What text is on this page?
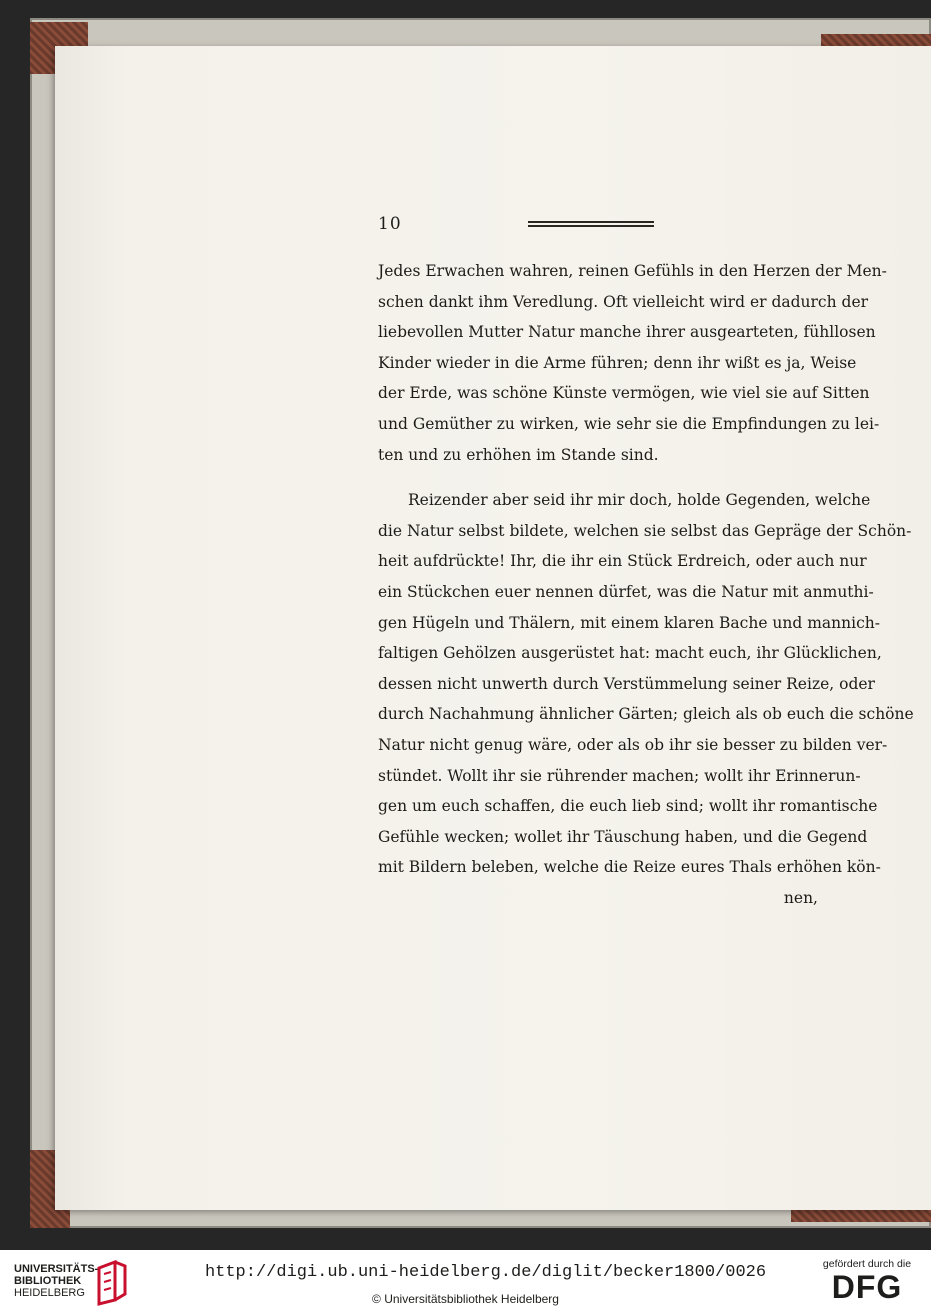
10
Jedes Erwachen wahren, reinen Gefühls in den Herzen der Men-
schen dankt ihm Veredlung. Oft vielleicht wird er dadurch der
liebevollen Mutter Natur manche ihrer ausgearteten, fühllosen
Kinder wieder in die Arme führen; denn ihr wißt es ja, Weise
der Erde, was schöne Künste vermögen, wie viel sie auf Sitten
und Gemüther zu wirken, wie sehr sie die Empfindungen zu lei-
ten und zu erhöhen im Stande sind.
Reizender aber seid ihr mir doch, holde Gegenden, welche
die Natur selbst bildete, welchen sie selbst das Gepräge der Schön-
heit aufdrückte! Ihr, die ihr ein Stück Erdreich, oder auch nur
ein Stückchen euer nennen dürfet, was die Natur mit anmuthi-
gen Hügeln und Thälern, mit einem klaren Bache und mannich-
faltigen Gehölzen ausgerüstet hat: macht euch, ihr Glücklichen,
dessen nicht unwerth durch Verstümmelung seiner Reize, oder
durch Nachahmung ähnlicher Gärten; gleich als ob euch die schöne
Natur nicht genug wäre, oder als ob ihr sie besser zu bilden ver-
stündet. Wollt ihr sie rührender machen; wollt ihr Erinnerun-
gen um euch schaffen, die euch lieb sind; wollt ihr romantische
Gefühle wecken; wollet ihr Täuschung haben, und die Gegend
mit Bildern beleben, welche die Reize eures Thals erhöhen kön-
nen,
UNIVERSITÄTS-
BIBLIOTHEK
HEIDELBERG
http://digi.ub.uni-heidelberg.de/diglit/becker1800/0026
© Universitätsbibliothek Heidelberg
gefördert durch die
DFG
